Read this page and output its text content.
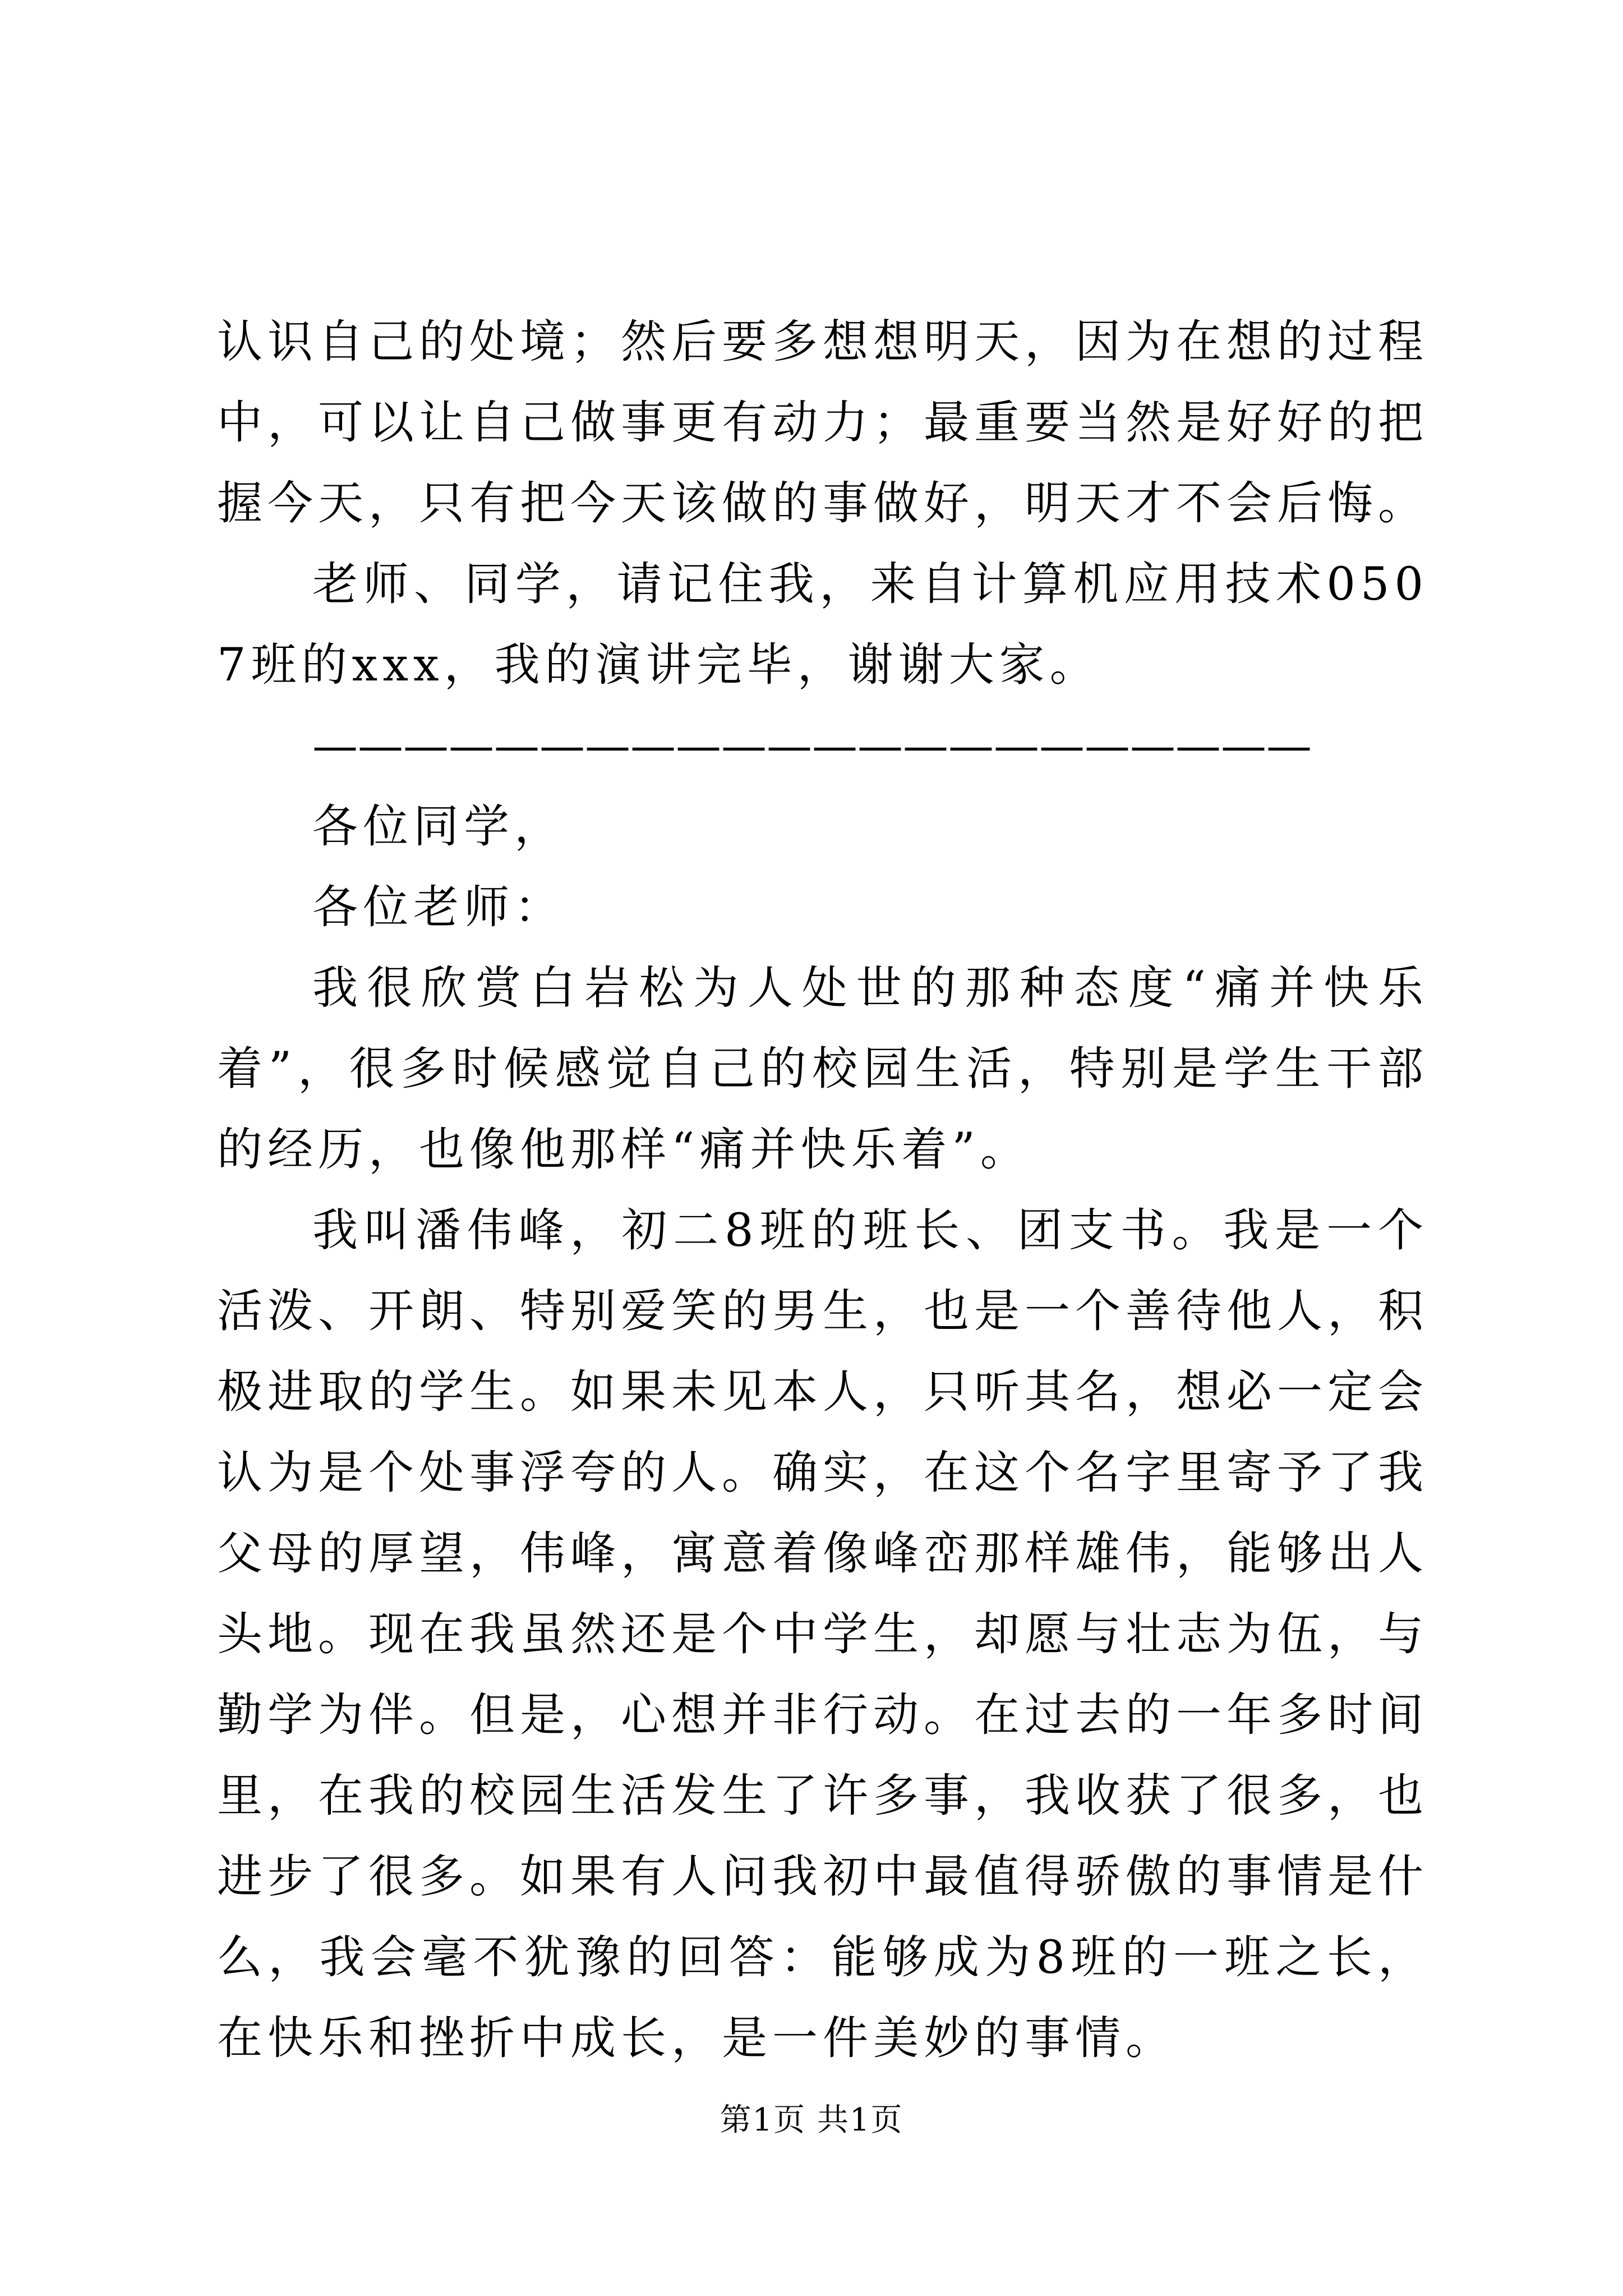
认识自己的处境；然后要多想想明天，因为在想的过程中，可以让自己做事更有动力；最重要当然是好好的把握今天，只有把今天该做的事做好，明天才不会后悔。

老师、同学，请记住我，来自计算机应用技术0507班的xxx，我的演讲完毕，谢谢大家。

——————————————————————

各位同学，

各位老师：

我很欣赏白岩松为人处世的那种态度“痛并快乐着”，很多时候感觉自己的校园生活，特别是学生干部的经历，也像他那样“痛并快乐着”。

我叫潘伟峰，初二8班的班长、团支书。我是一个活泼、开朗、特别爱笑的男生，也是一个善待他人，积极进取的学生。如果未见本人，只听其名，想必一定会认为是个处事浮夸的人。确实，在这个名字里寄予了我父母的厚望，伟峰，寓意着像峰峦那样雄伟，能够出人头地。现在我虽然还是个中学生，却愿与壮志为伍，与勤学为伴。但是，心想并非行动。在过去的一年多时间里，在我的校园生活发生了许多事，我收获了很多，也进步了很多。如果有人问我初中最值得骄傲的事情是什么，我会毫不犹豫的回答：能够成为8班的一班之长，在快乐和挫折中成长，是一件美妙的事情。

第1页 共1页
